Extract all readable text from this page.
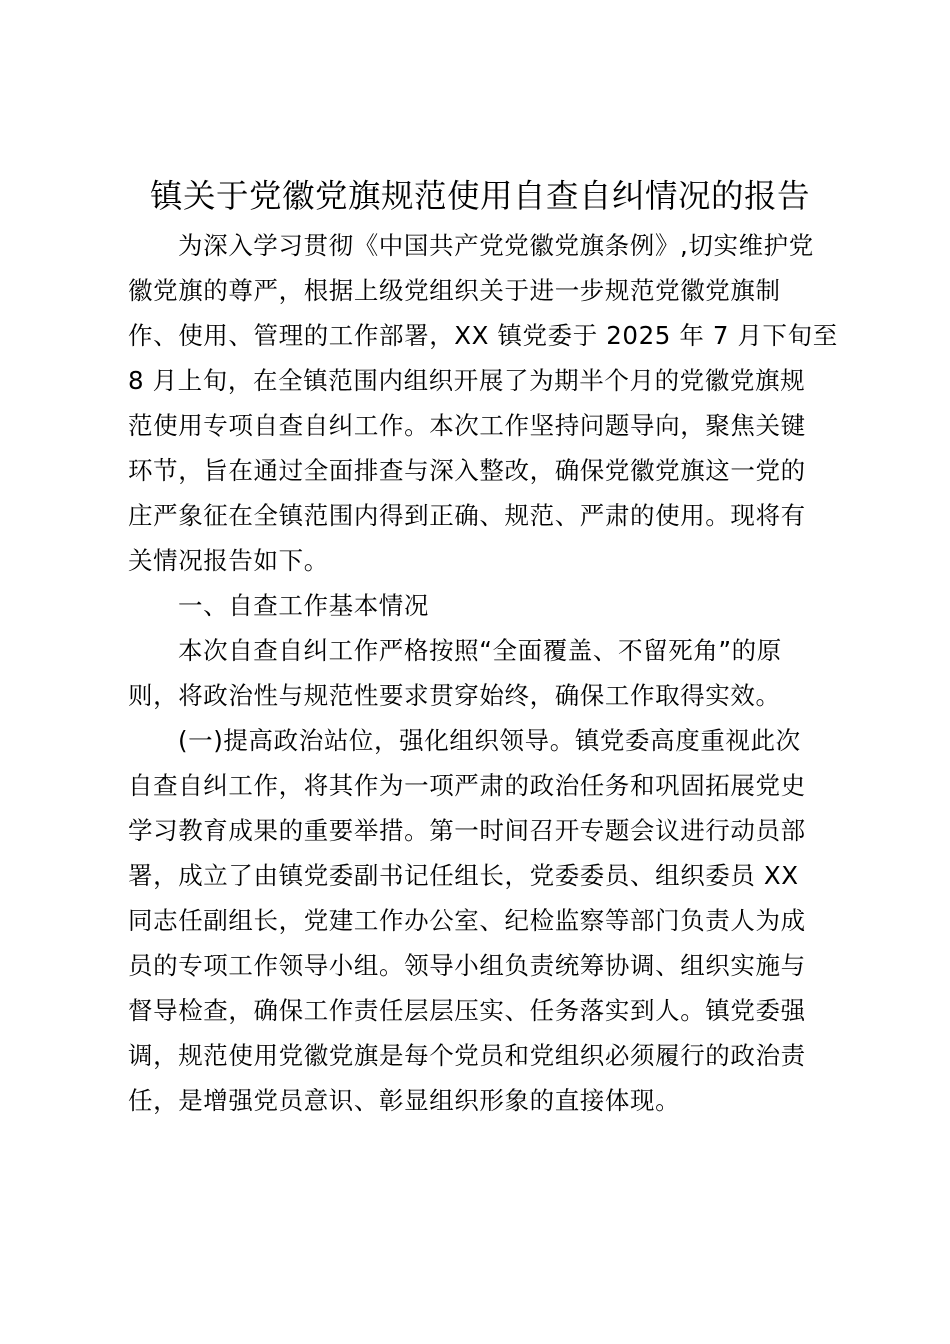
镇关于党徽党旗规范使用自查自纠情况的报告
为深入学习贯彻《中国共产党党徽党旗条例》,切实维护党
徽党旗的尊严，根据上级党组织关于进一步规范党徽党旗制
作、使用、管理的工作部署，XX 镇党委于 2025 年 7 月下旬至
8 月上旬，在全镇范围内组织开展了为期半个月的党徽党旗规
范使用专项自查自纠工作。本次工作坚持问题导向，聚焦关键
环节，旨在通过全面排查与深入整改，确保党徽党旗这一党的
庄严象征在全镇范围内得到正确、规范、严肃的使用。现将有
关情况报告如下。
一、自查工作基本情况
本次自查自纠工作严格按照“全面覆盖、不留死角”的原
则，将政治性与规范性要求贯穿始终，确保工作取得实效。
(一)提高政治站位，强化组织领导。镇党委高度重视此次
自查自纠工作，将其作为一项严肃的政治任务和巩固拓展党史
学习教育成果的重要举措。第一时间召开专题会议进行动员部
署，成立了由镇党委副书记任组长，党委委员、组织委员 XX
同志任副组长，党建工作办公室、纪检监察等部门负责人为成
员的专项工作领导小组。领导小组负责统筹协调、组织实施与
督导检查，确保工作责任层层压实、任务落实到人。镇党委强
调，规范使用党徽党旗是每个党员和党组织必须履行的政治责
任，是增强党员意识、彰显组织形象的直接体现。
